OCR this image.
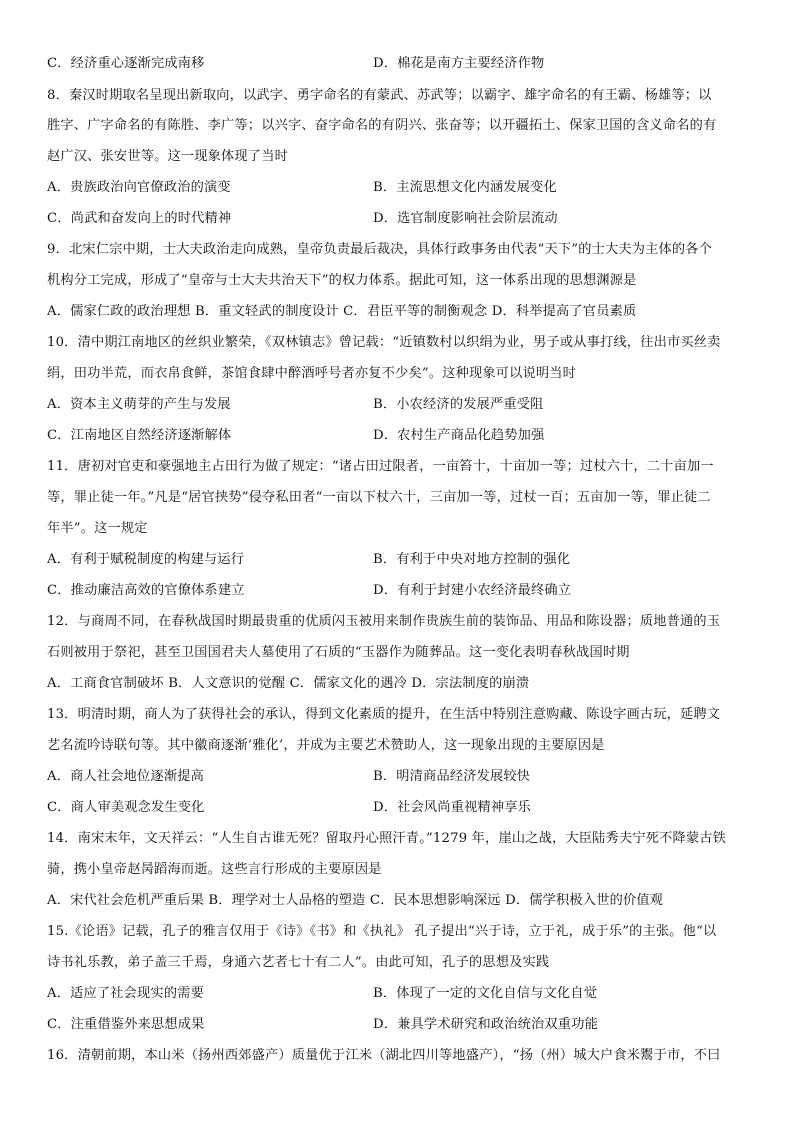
C．经济重心逐渐完成南移	D．棉花是南方主要经济作物
8．秦汉时期取名呈现出新取向，以武字、勇字命名的有蒙武、苏武等；以霸字、雄字命名的有王霸、杨雄等；以
胜字、广字命名的有陈胜、李广等；以兴字、奋字命名的有阴兴、张奋等；以开疆拓土、保家卫国的含义命名的有
赵广汉、张安世等。这一现象体现了当时
A．贵族政治向官僚政治的演变	B．主流思想文化内涵发展变化
C．尚武和奋发向上的时代精神	D．选官制度影响社会阶层流动
9．北宋仁宗中期，士大夫政治走向成熟，皇帝负责最后裁决，具体行政事务由代表“天下”的士大夫为主体的各个
机构分工完成，形成了“皇帝与士大夫共治天下”的权力体系。据此可知，这一体系出现的思想渊源是
A．儒家仁政的政治理想 B．重文轻武的制度设计 C．君臣平等的制衡观念 D．科举提高了官员素质
10．清中期江南地区的丝织业繁荣，《双林镇志》曾记载：“近镇数村以织绢为业，男子或从事打线，往出市买丝卖
绢，田功半荒，而衣帛食鲜，茶馆食肆中醉酒呼号者亦复不少矣”。这种现象可以说明当时
A．资本主义萌芽的产生与发展	B．小农经济的发展严重受阻
C．江南地区自然经济逐渐解体	D．农村生产商品化趋势加强
11．唐初对官吏和豪强地主占田行为做了规定：“诸占田过限者，一亩笞十，十亩加一等；过杖六十，二十亩加一
等，罪止徒一年。”凡是“居官挟势”侵夺私田者“一亩以下杖六十，三亩加一等，过杖一百；五亩加一等，罪止徒二
年半”。这一规定
A．有利于赋税制度的构建与运行	B．有利于中央对地方控制的强化
C．推动廉洁高效的官僚体系建立	D．有利于封建小农经济最终确立
12．与商周不同，在春秋战国时期最贵重的优质闪玉被用来制作贵族生前的装饰品、用品和陈设器；质地普通的玉
石则被用于祭祀，甚至卫国国君夫人墓使用了石质的“玉器作为随葬品。这一变化表明春秋战国时期
A．工商食官制破坏 B．人文意识的觉醒 C．儒家文化的遇冷 D．宗法制度的崩溃
13．明清时期，商人为了获得社会的承认，得到文化素质的提升，在生活中特别注意购藏、陈设字画古玩，延聘文
艺名流吟诗联句等。其中徽商逐渐‘雅化’，并成为主要艺术赞助人，这一现象出现的主要原因是
A．商人社会地位逐渐提高	B．明清商品经济发展较快
C．商人审美观念发生变化	D．社会风尚重视精神享乐
14．南宋末年，文天祥云：“人生自古谁无死？留取丹心照汗青。”1279 年，崖山之战，大臣陆秀夫宁死不降蒙古铁
骑，携小皇帝赵昺蹈海而逝。这些言行形成的主要原因是
A．宋代社会危机严重后果 B．理学对士人品格的塑造 C．民本思想影响深远 D．儒学积极入世的价值观
15.《论语》记载，孔子的雅言仅用于《诗》《书》和《执礼》 孔子提出“兴于诗，立于礼，成于乐”的主张。他“以
诗书礼乐教，弟子盖三千焉，身通六艺者七十有二人”。由此可知，孔子的思想及实践
A．适应了社会现实的需要	B．体现了一定的文化自信与文化自觉
C．注重借鉴外来思想成果	D．兼具学术研究和政治统治双重功能
16．清朝前期，本山米（扬州西郊盛产）质量优于江米（湖北四川等地盛产），“扬（州）城大户食米鬻于市，不曰
